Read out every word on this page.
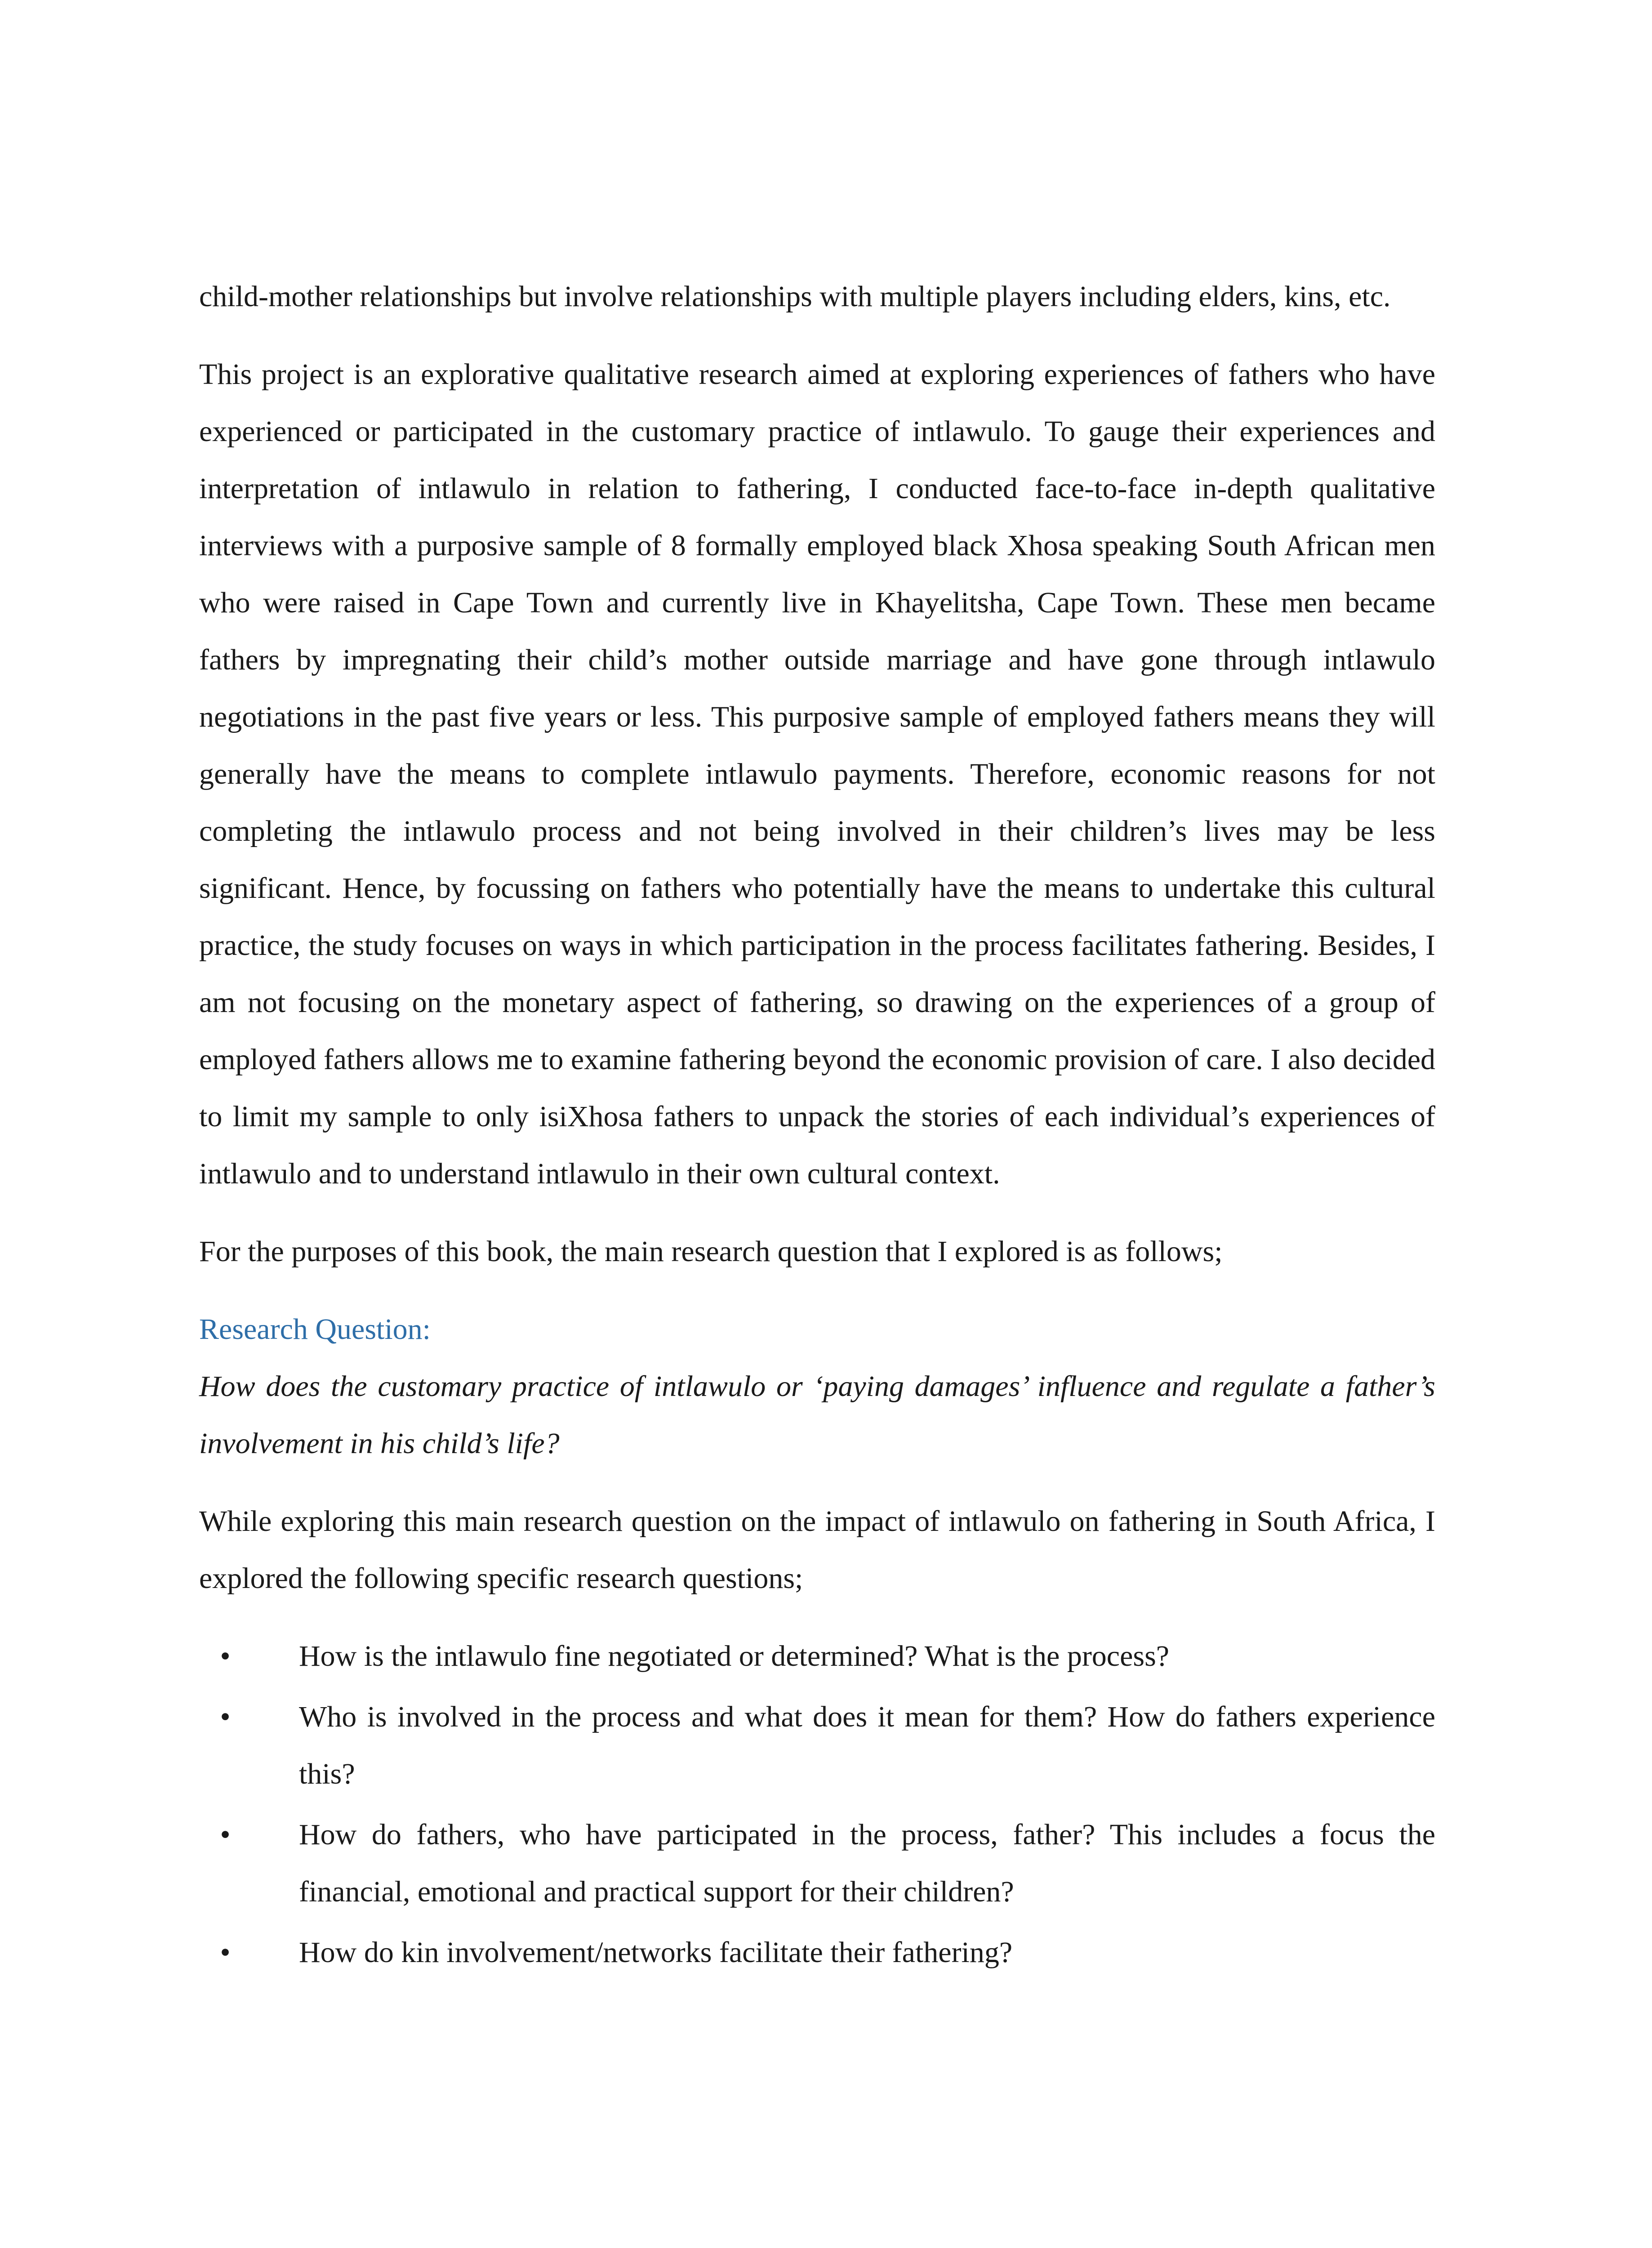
child-mother relationships but involve relationships with multiple players including elders, kins, etc.

This project is an explorative qualitative research aimed at exploring experiences of fathers who have experienced or participated in the customary practice of intlawulo. To gauge their experiences and interpretation of intlawulo in relation to fathering, I conducted face-to-face in-depth qualitative interviews with a purposive sample of 8 formally employed black Xhosa speaking South African men who were raised in Cape Town and currently live in Khayelitsha, Cape Town. These men became fathers by impregnating their child’s mother outside marriage and have gone through intlawulo negotiations in the past five years or less. This purposive sample of employed fathers means they will generally have the means to complete intlawulo payments. Therefore, economic reasons for not completing the intlawulo process and not being involved in their children’s lives may be less significant. Hence, by focussing on fathers who potentially have the means to undertake this cultural practice, the study focuses on ways in which participation in the process facilitates fathering. Besides, I am not focusing on the monetary aspect of fathering, so drawing on the experiences of a group of employed fathers allows me to examine fathering beyond the economic provision of care. I also decided to limit my sample to only isiXhosa fathers to unpack the stories of each individual’s experiences of intlawulo and to understand intlawulo in their own cultural context.

For the purposes of this book, the main research question that I explored is as follows;

Research Question:

How does the customary practice of intlawulo or ‘paying damages’ influence and regulate a father’s involvement in his child’s life?

While exploring this main research question on the impact of intlawulo on fathering in South Africa, I explored the following specific research questions;

• How is the intlawulo fine negotiated or determined? What is the process?
• Who is involved in the process and what does it mean for them? How do fathers experience this?
• How do fathers, who have participated in the process, father? This includes a focus the financial, emotional and practical support for their children?
• How do kin involvement/networks facilitate their fathering?
